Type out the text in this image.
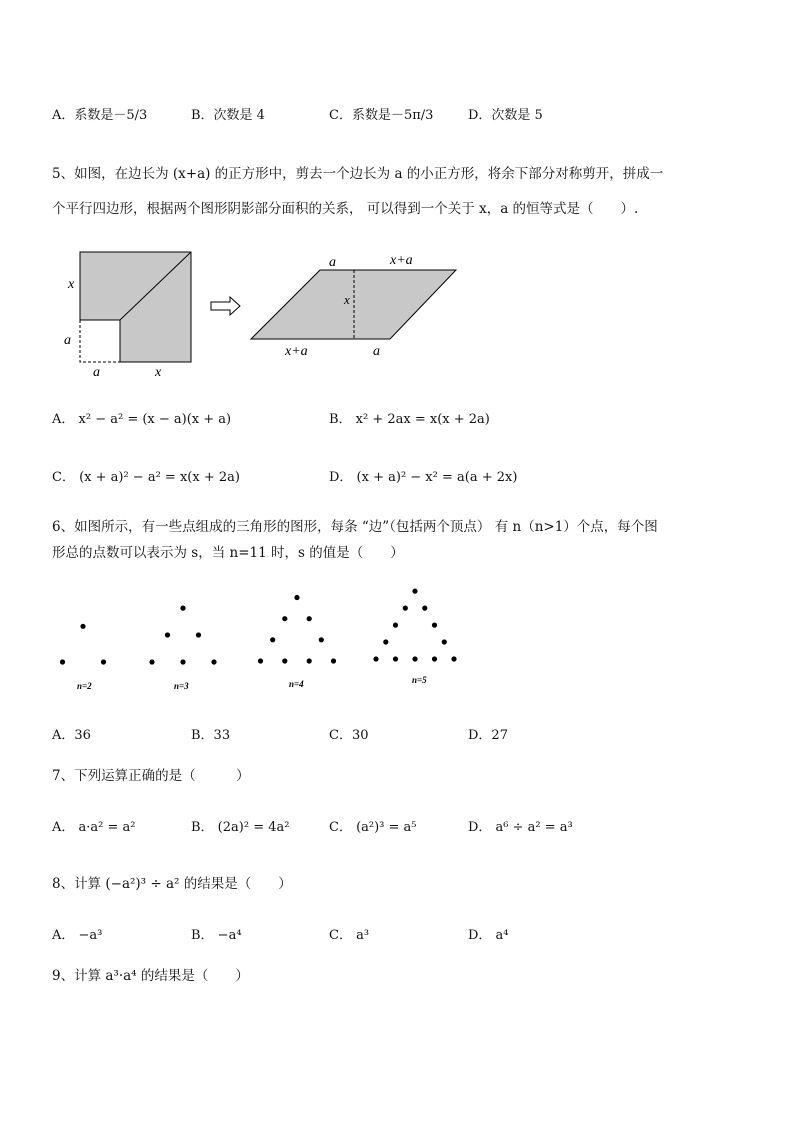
A．系数是－5/3	B．次数是 4	C．系数是－5π/3	D．次数是 5
5、如图，在边长为 (x+a) 的正方形中，剪去一个边长为 a 的小正方形，将余下部分对称剪开，拼成一
个平行四边形，根据两个图形阴影部分面积的关系， 可以得到一个关于 x，a 的恒等式是（　　）.
x
a
a	x
a	x+a
x
x+a	a
A． x² − a² = (x − a)(x + a)	B． x² + 2ax = x(x + 2a)
C． (x + a)² − a² = x(x + 2a)	D． (x + a)² − x² = a(a + 2x)
6、如图所示，有一些点组成的三角形的图形，每条 “边”（包括两个顶点） 有 n（n>1）个点，每个图
形总的点数可以表示为 s，当 n=11 时，s 的值是（　　）
n=2	n=3	n=4	n=5
A．36	B．33	C．30	D．27
7、下列运算正确的是（　　　）
A． a·a² = a²	B． (2a)² = 4a²	C． (a²)³ = a⁵	D． a⁶ ÷ a² = a³
8、计算 (−a²)³ ÷ a² 的结果是（　　）
A． −a³	B． −a⁴	C． a³	D． a⁴
9、计算 a³·a⁴ 的结果是（　　）
